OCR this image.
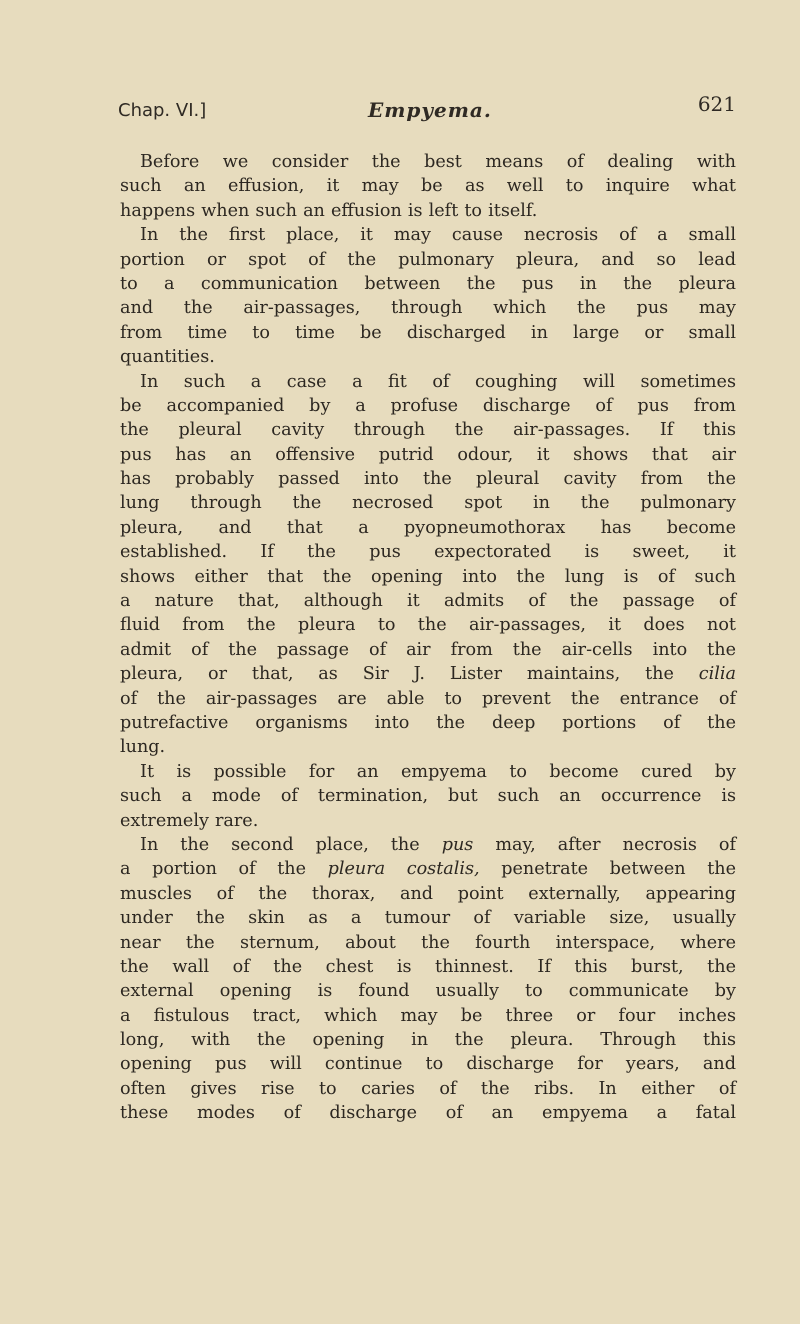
Chap. VI.]	Empyema.	621
Before we consider the best means of dealing with
such an effusion, it may be as well to inquire what
happens when such an effusion is left to itself.
In the first place, it may cause necrosis of a small
portion or spot of the pulmonary pleura, and so lead
to a communication between the pus in the pleura
and the air-passages, through which the pus may
from time to time be discharged in large or small
quantities.
In such a case a fit of coughing will sometimes
be accompanied by a profuse discharge of pus from
the pleural cavity through the air-passages. If this
pus has an offensive putrid odour, it shows that air
has probably passed into the pleural cavity from the
lung through the necrosed spot in the pulmonary
pleura, and that a pyopneumothorax has become
established. If the pus expectorated is sweet, it
shows either that the opening into the lung is of such
a nature that, although it admits of the passage of
fluid from the pleura to the air-passages, it does not
admit of the passage of air from the air-cells into the
pleura, or that, as Sir J. Lister maintains, the cilia
of the air-passages are able to prevent the entrance of
putrefactive organisms into the deep portions of the
lung.
It is possible for an empyema to become cured by
such a mode of termination, but such an occurrence is
extremely rare.
In the second place, the pus may, after necrosis of
a portion of the pleura costalis, penetrate between the
muscles of the thorax, and point externally, appearing
under the skin as a tumour of variable size, usually
near the sternum, about the fourth interspace, where
the wall of the chest is thinnest. If this burst, the
external opening is found usually to communicate by
a fistulous tract, which may be three or four inches
long, with the opening in the pleura. Through this
opening pus will continue to discharge for years, and
often gives rise to caries of the ribs. In either of
these modes of discharge of an empyema a fatal
